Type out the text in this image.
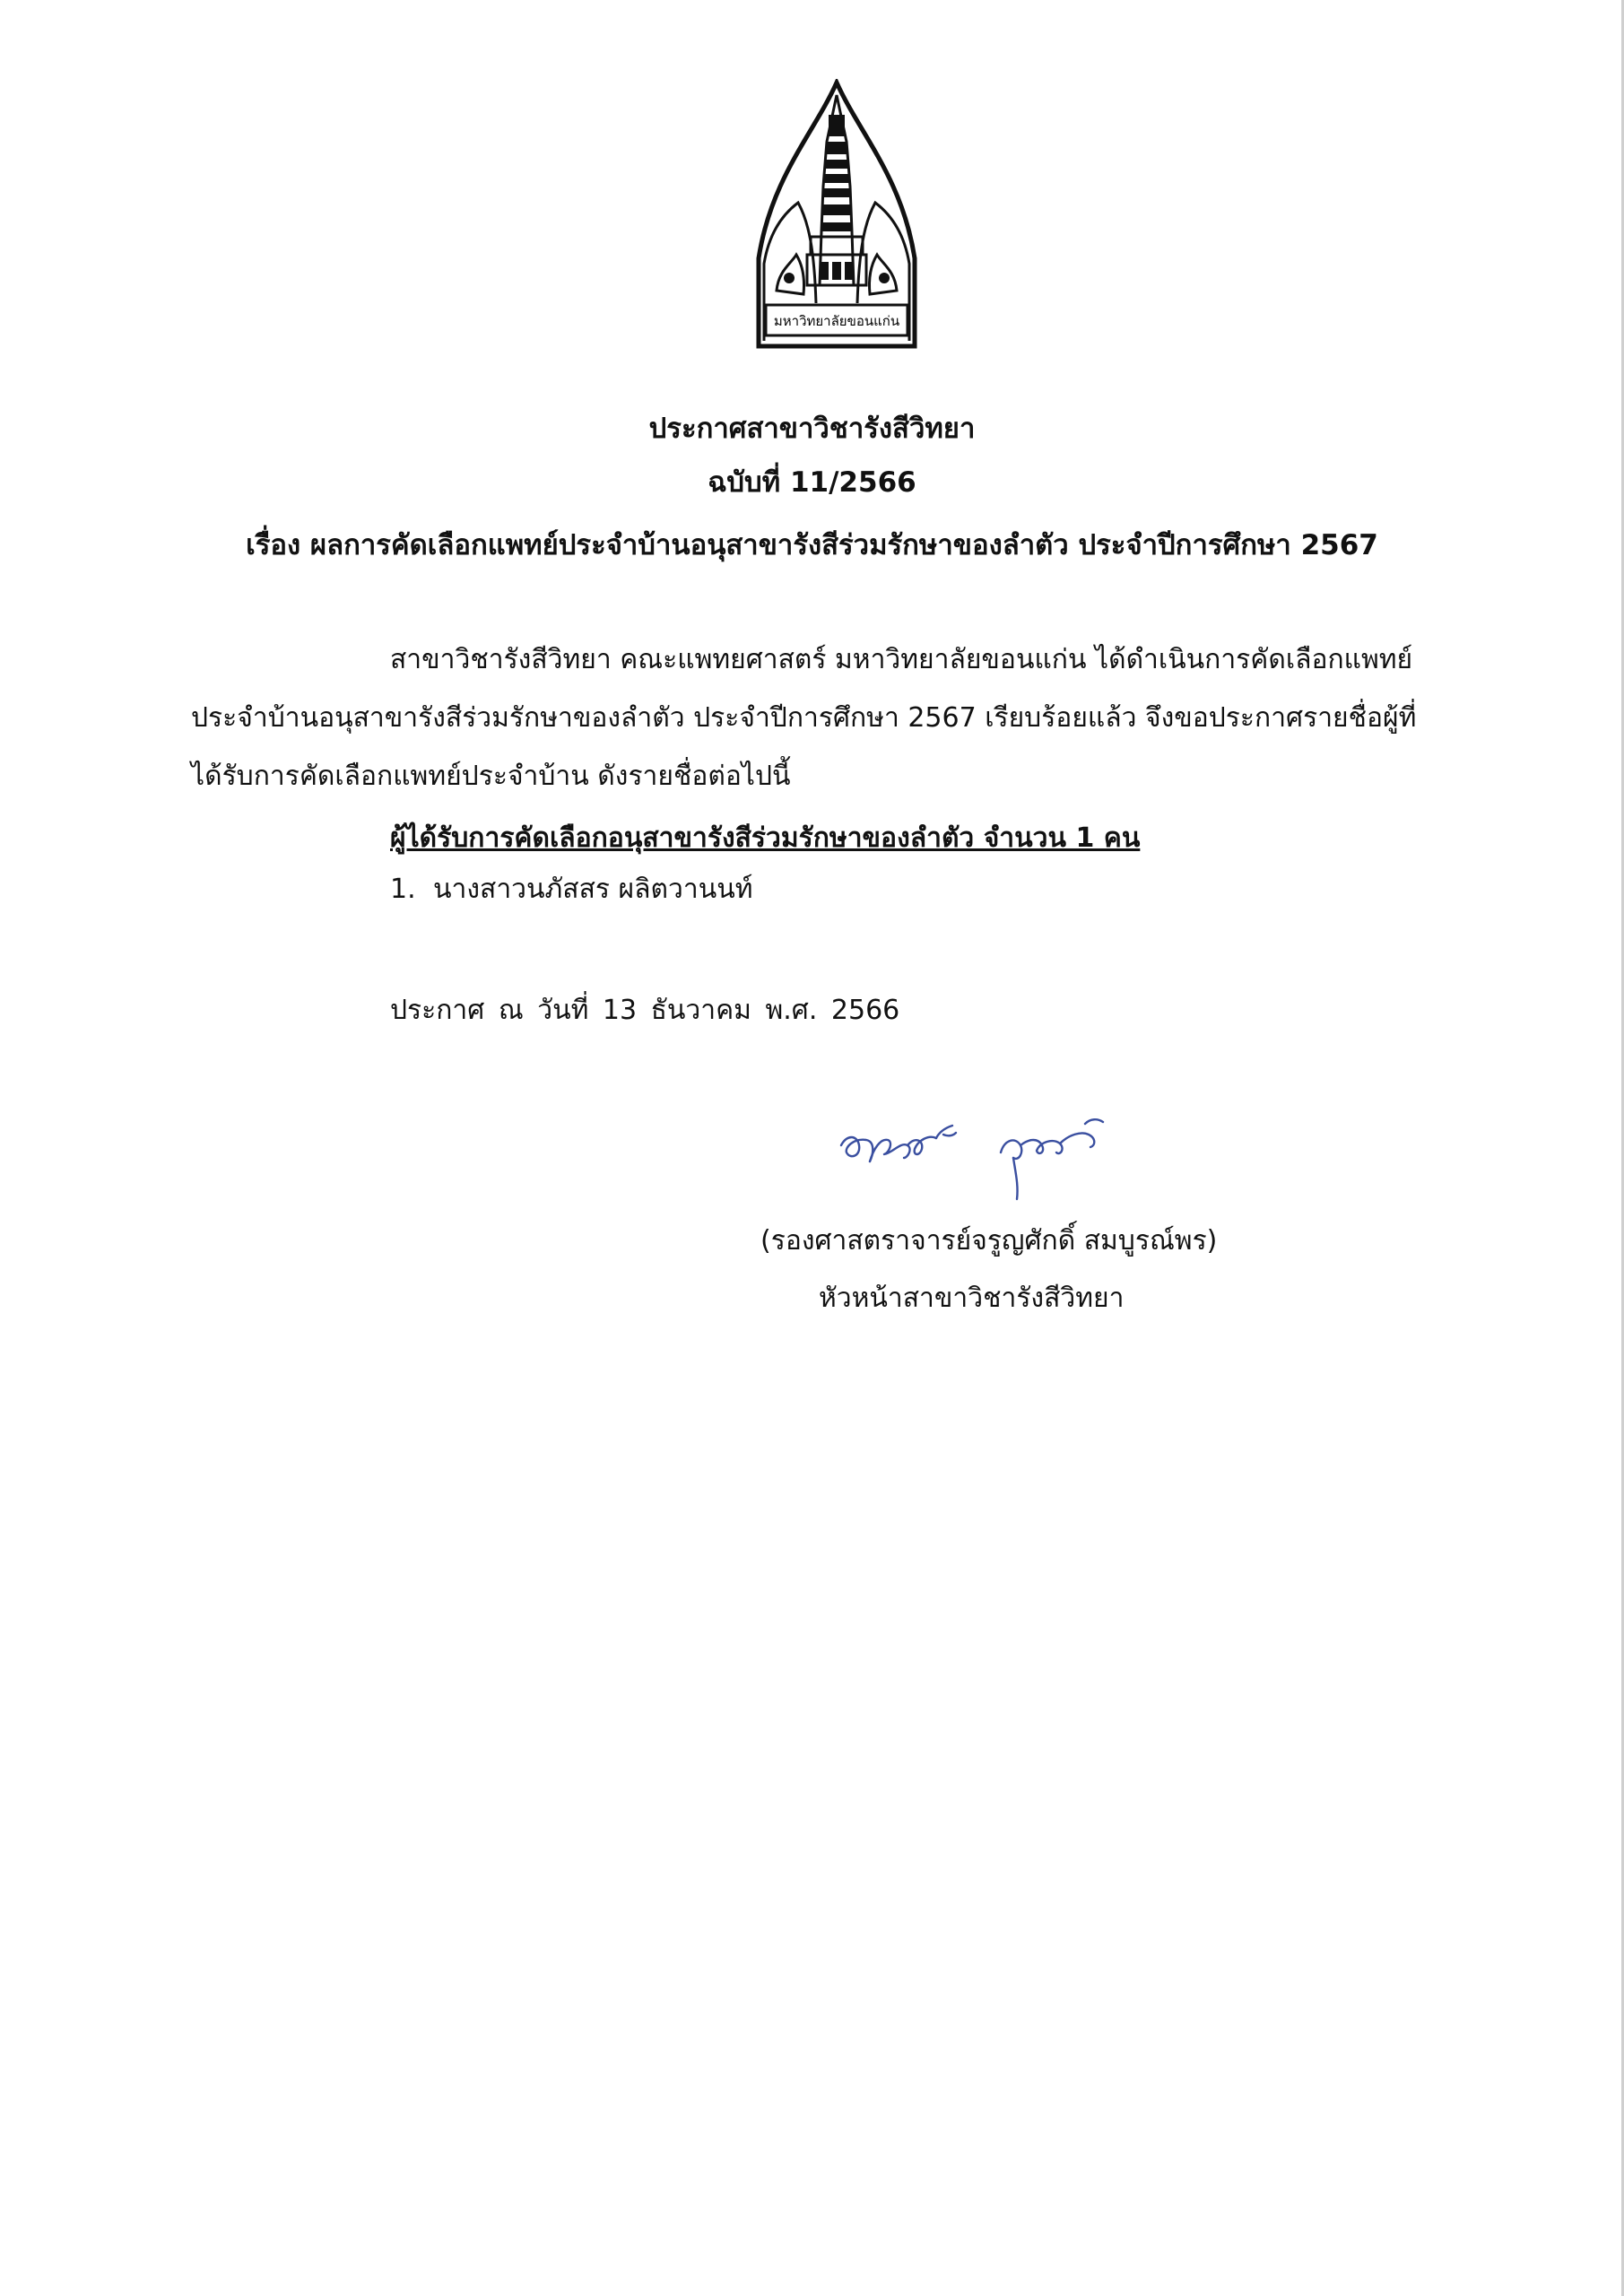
มหาวิทยาลัยขอนแก่น
ประกาศสาขาวิชารังสีวิทยา
ฉบับที่ 11/2566
เรื่อง ผลการคัดเลือกแพทย์ประจำบ้านอนุสาขารังสีร่วมรักษาของลำตัว ประจำปีการศึกษา 2567
สาขาวิชารังสีวิทยา คณะแพทยศาสตร์ มหาวิทยาลัยขอนแก่น ได้ดำเนินการคัดเลือกแพทย์
ประจำบ้านอนุสาขารังสีร่วมรักษาของลำตัว ประจำปีการศึกษา 2567 เรียบร้อยแล้ว จึงขอประกาศรายชื่อผู้ที่
ได้รับการคัดเลือกแพทย์ประจำบ้าน ดังรายชื่อต่อไปนี้
ผู้ได้รับการคัดเลือกอนุสาขารังสีร่วมรักษาของลำตัว จำนวน 1 คน
1. นางสาวนภัสสร ผลิตวานนท์
ประกาศ ณ วันที่ 13 ธันวาคม พ.ศ. 2566
(รองศาสตราจารย์จรูญศักดิ์ สมบูรณ์พร)
หัวหน้าสาขาวิชารังสีวิทยา
